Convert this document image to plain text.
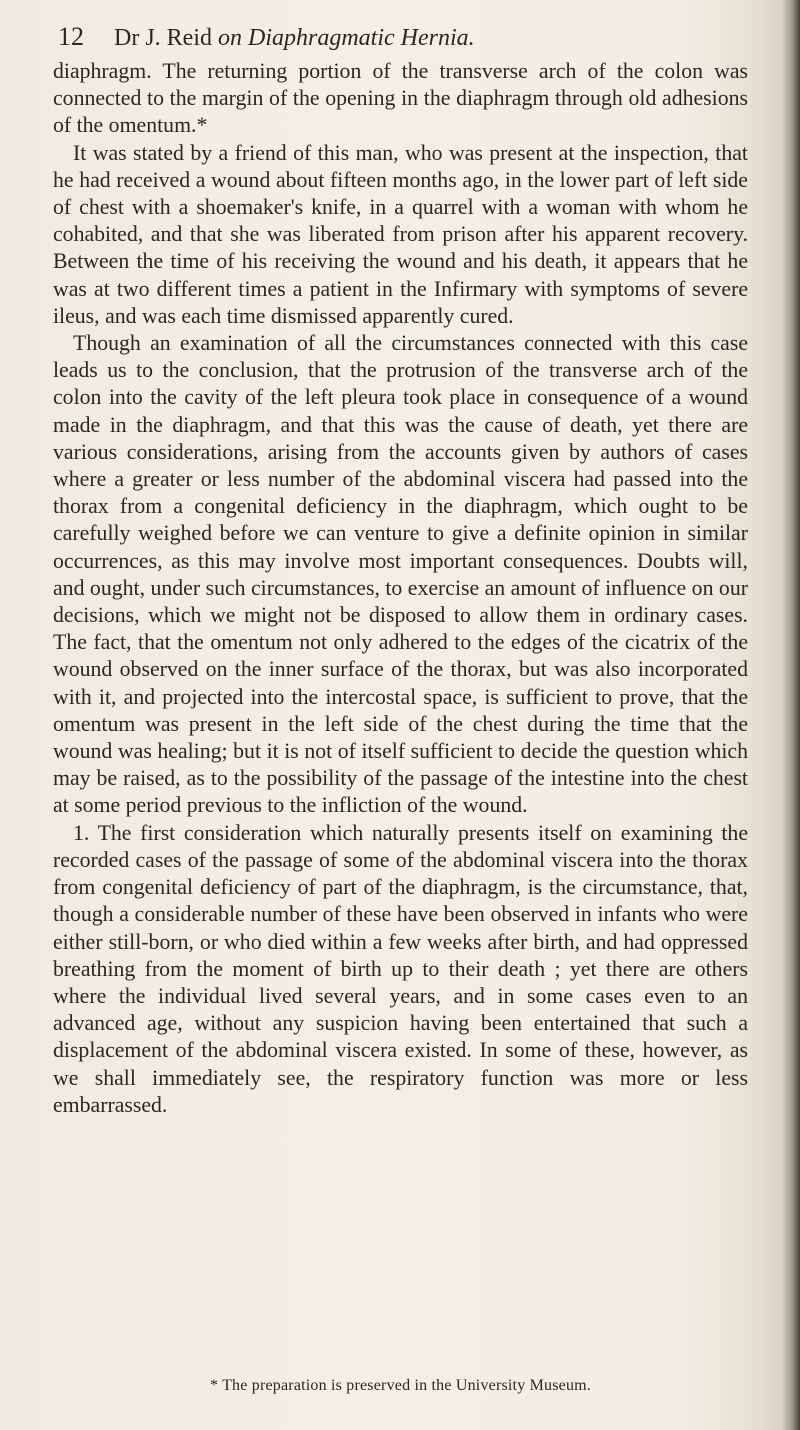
12 Dr J. Reid on Diaphragmatic Hernia.

diaphragm. The returning portion of the transverse arch of the colon was connected to the margin of the opening in the diaphragm through old adhesions of the omentum.*

It was stated by a friend of this man, who was present at the inspection, that he had received a wound about fifteen months ago, in the lower part of left side of chest with a shoemaker's knife, in a quarrel with a woman with whom he cohabited, and that she was liberated from prison after his apparent recovery. Between the time of his receiving the wound and his death, it appears that he was at two different times a patient in the Infirmary with symptoms of severe ileus, and was each time dismissed apparently cured.

Though an examination of all the circumstances connected with this case leads us to the conclusion, that the protrusion of the transverse arch of the colon into the cavity of the left pleura took place in consequence of a wound made in the diaphragm, and that this was the cause of death, yet there are various considerations, arising from the accounts given by authors of cases where a greater or less number of the abdominal viscera had passed into the thorax from a congenital deficiency in the diaphragm, which ought to be carefully weighed before we can venture to give a definite opinion in similar occurrences, as this may involve most important consequences. Doubts will, and ought, under such circumstances, to exercise an amount of influence on our decisions, which we might not be disposed to allow them in ordinary cases. The fact, that the omentum not only adhered to the edges of the cicatrix of the wound observed on the inner surface of the thorax, but was also incorporated with it, and projected into the intercostal space, is sufficient to prove, that the omentum was present in the left side of the chest during the time that the wound was healing; but it is not of itself sufficient to decide the question which may be raised, as to the possibility of the passage of the intestine into the chest at some period previous to the infliction of the wound.

1. The first consideration which naturally presents itself on examining the recorded cases of the passage of some of the abdominal viscera into the thorax from congenital deficiency of part of the diaphragm, is the circumstance, that, though a considerable number of these have been observed in infants who were either still-born, or who died within a few weeks after birth, and had oppressed breathing from the moment of birth up to their death ; yet there are others where the individual lived several years, and in some cases even to an advanced age, without any suspicion having been entertained that such a displacement of the abdominal viscera existed. In some of these, however, as we shall immediately see, the respiratory function was more or less embarrassed.

* The preparation is preserved in the University Museum.
